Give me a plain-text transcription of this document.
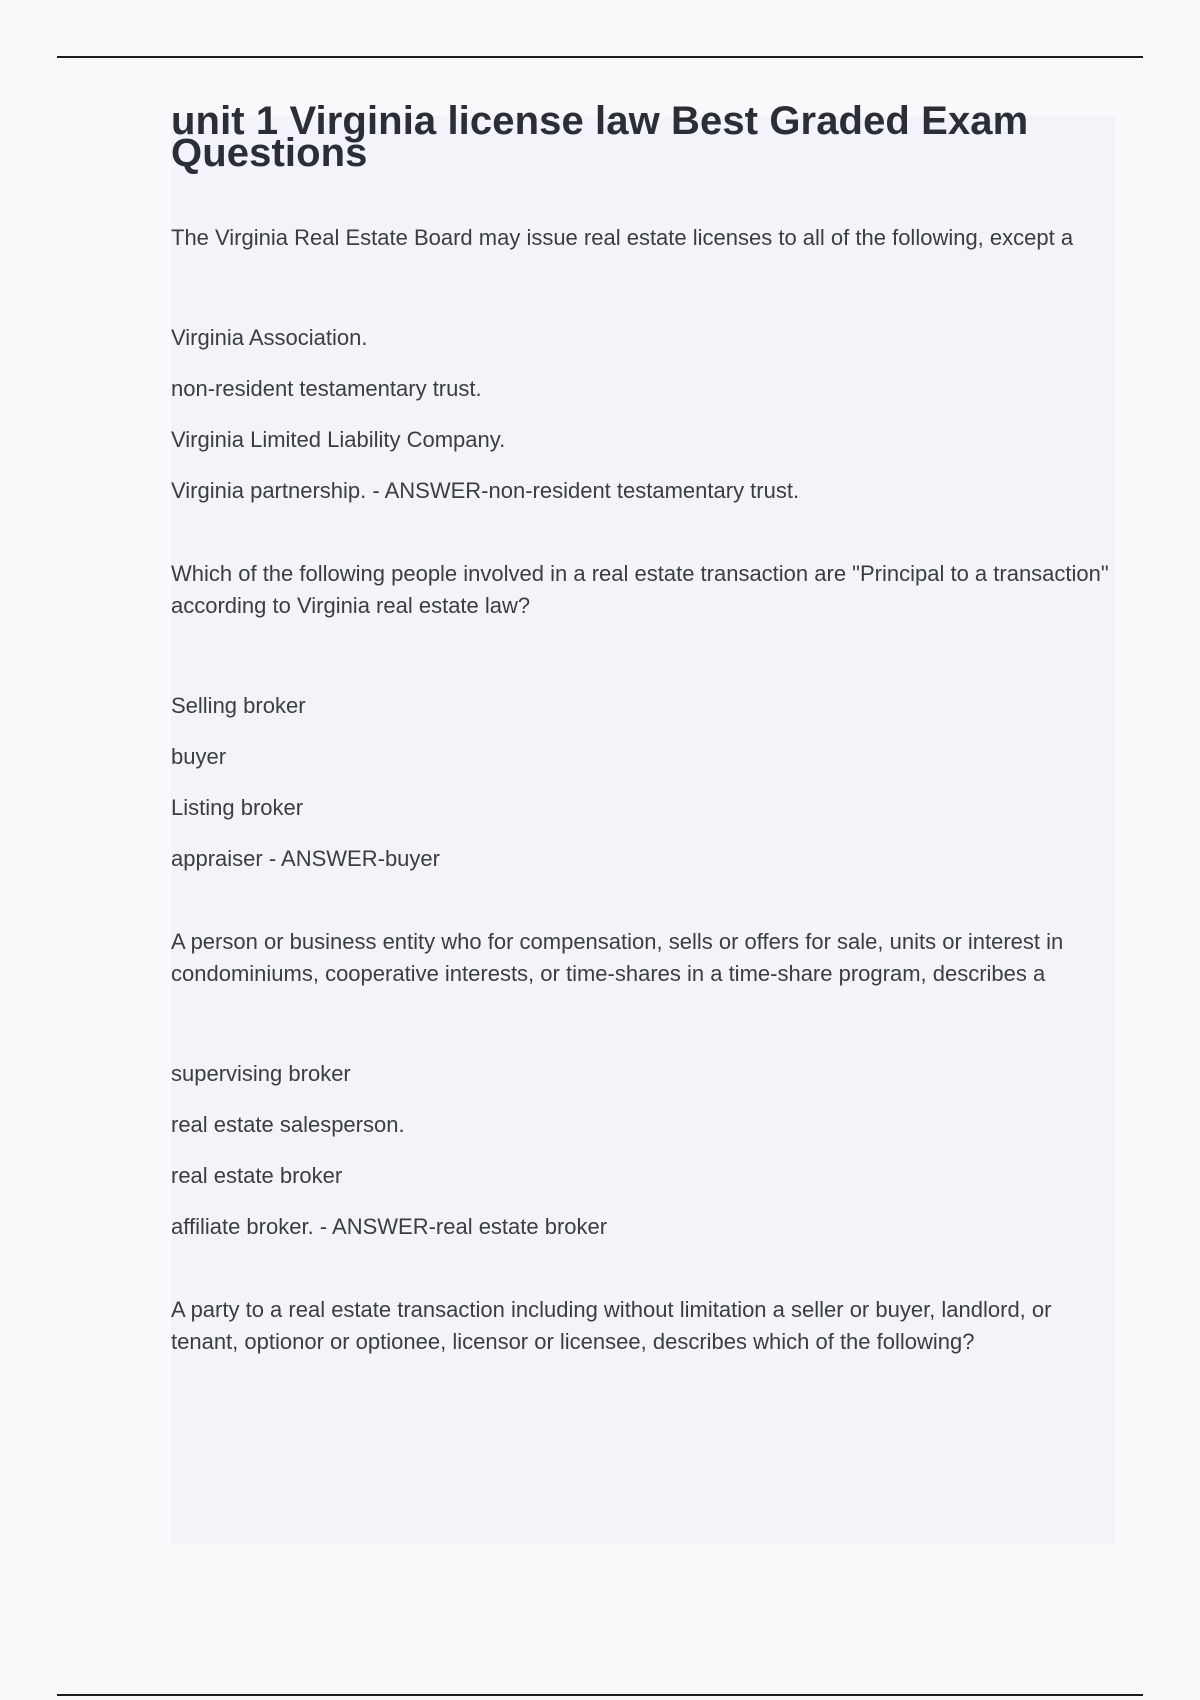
unit 1 Virginia license law Best Graded Exam Questions

The Virginia Real Estate Board may issue real estate licenses to all of the following, except a

Virginia Association.

non-resident testamentary trust.

Virginia Limited Liability Company.

Virginia partnership. - ANSWER-non-resident testamentary trust.

Which of the following people involved in a real estate transaction are "Principal to a transaction" according to Virginia real estate law?

Selling broker

buyer

Listing broker

appraiser - ANSWER-buyer

A person or business entity who for compensation, sells or offers for sale, units or interest in condominiums, cooperative interests, or time-shares in a time-share program, describes a

supervising broker

real estate salesperson.

real estate broker

affiliate broker. - ANSWER-real estate broker

A party to a real estate transaction including without limitation a seller or buyer, landlord, or tenant, optionor or optionee, licensor or licensee, describes which of the following?
